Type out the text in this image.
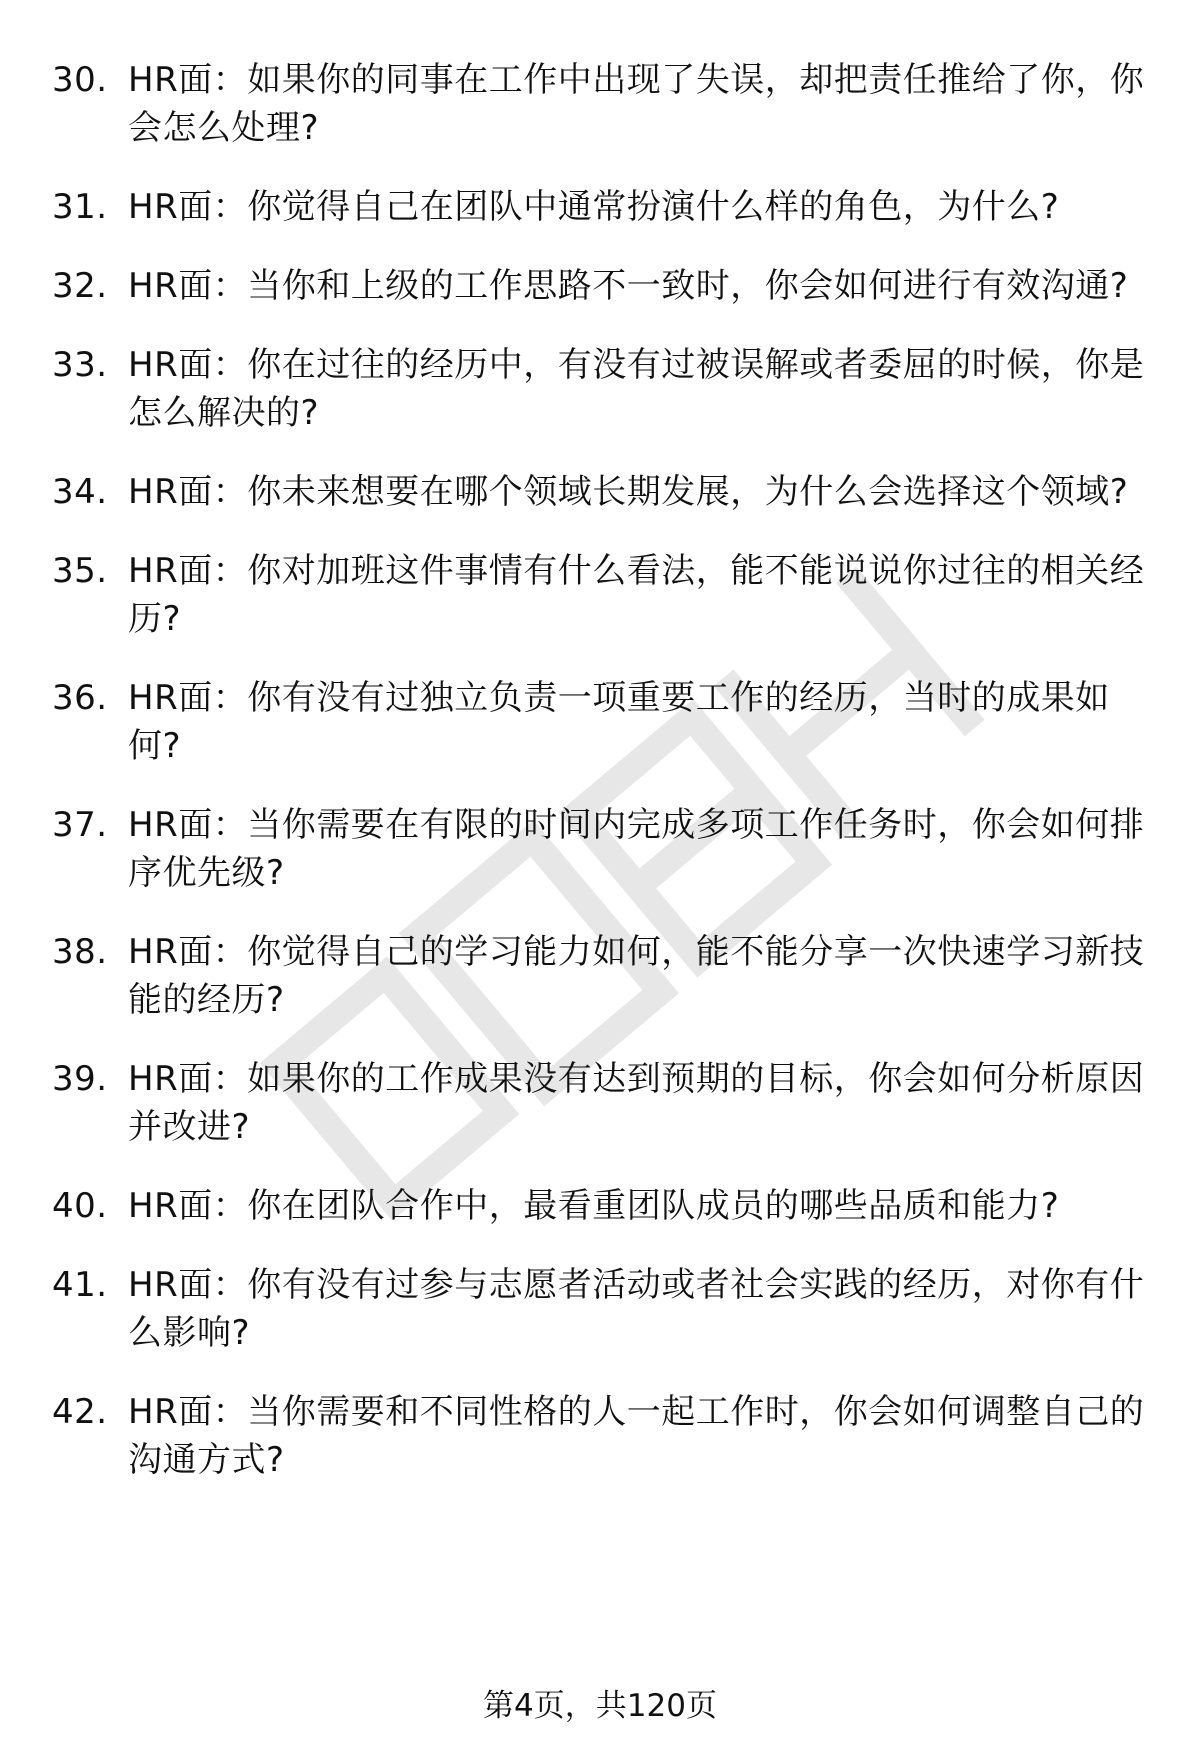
30. HR面：如果你的同事在工作中出现了失误，却把责任推给了你，你会怎么处理?
31. HR面：你觉得自己在团队中通常扮演什么样的角色，为什么?
32. HR面：当你和上级的工作思路不一致时，你会如何进行有效沟通?
33. HR面：你在过往的经历中，有没有过被误解或者委屈的时候，你是怎么解决的?
34. HR面：你未来想要在哪个领域长期发展，为什么会选择这个领域?
35. HR面：你对加班这件事情有什么看法，能不能说说你过往的相关经历?
36. HR面：你有没有过独立负责一项重要工作的经历，当时的成果如何?
37. HR面：当你需要在有限的时间内完成多项工作任务时，你会如何排序优先级?
38. HR面：你觉得自己的学习能力如何，能不能分享一次快速学习新技能的经历?
39. HR面：如果你的工作成果没有达到预期的目标，你会如何分析原因并改进?
40. HR面：你在团队合作中，最看重团队成员的哪些品质和能力?
41. HR面：你有没有过参与志愿者活动或者社会实践的经历，对你有什么影响?
42. HR面：当你需要和不同性格的人一起工作时，你会如何调整自己的沟通方式?
第4页，共120页
